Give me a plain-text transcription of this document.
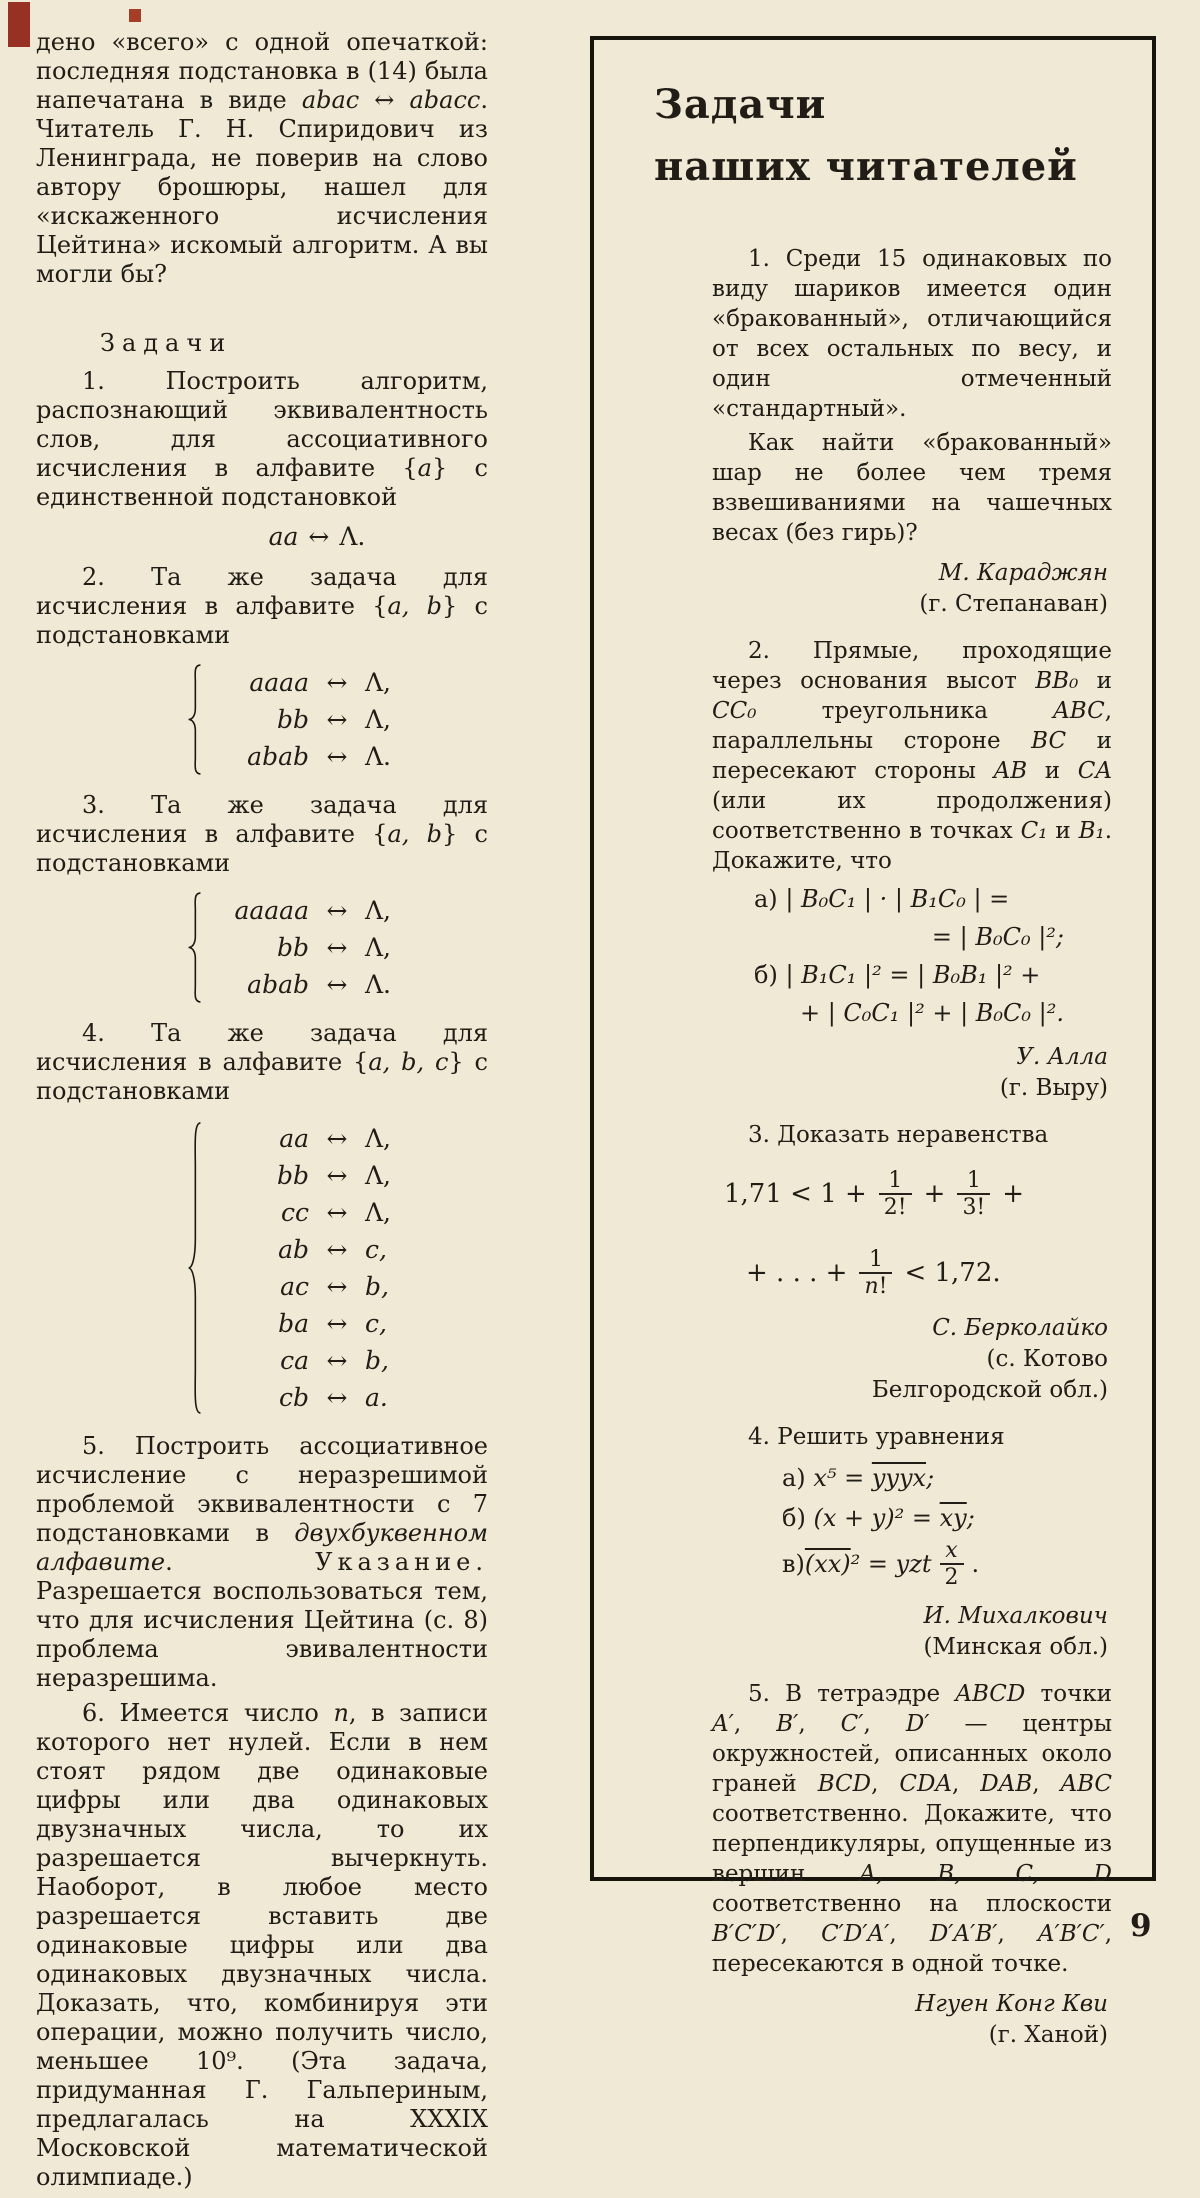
дено «всего» с одной опечаткой: последняя подстановка в (14) была напечатана в виде abac ↔ abacc. Читатель Г. Н. Спиридович из Ленинграда, не поверив на слово автору брошюры, нашел для «искаженного исчисления Цейтина» искомый алгоритм. А вы могли бы?

Задачи

1. Построить алгоритм, распознающий эквивалентность слов, для ассоциативного исчисления в алфавите {a} с единственной подстановкой

aa ↔ Λ.

2. Та же задача для исчисления в алфавите {a, b} с подстановками

aaaa ↔ Λ,
bb ↔ Λ,
abab ↔ Λ.

3. Та же задача для исчисления в алфавите {a, b} с подстановками

aaaaa ↔ Λ,
bb ↔ Λ,
abab ↔ Λ.

4. Та же задача для исчисления в алфавите {a, b, c} с подстановками

aa ↔ Λ,
bb ↔ Λ,
cc ↔ Λ,
ab ↔ c,
ac ↔ b,
ba ↔ c,
ca ↔ b,
cb ↔ a.

5. Построить ассоциативное исчисление с неразрешимой проблемой эквивалентности с 7 подстановками в двухбуквенном алфавите. Указание. Разрешается воспользоваться тем, что для исчисления Цейтина (с. 8) проблема эвивалентности неразрешима.

6. Имеется число n, в записи которого нет нулей. Если в нем стоят рядом две одинаковые цифры или два одинаковых двузначных числа, то их разрешается вычеркнуть. Наоборот, в любое место разрешается вставить две одинаковые цифры или два одинаковых двузначных числа. Доказать, что, комбинируя эти операции, можно получить число, меньшее 10⁹. (Эта задача, придуманная Г. Гальпериным, предлагалась на XXXIX Московской математической олимпиаде.)

Задачи
наших читателей

1. Среди 15 одинаковых по виду шариков имеется один «бракованный», отличающийся от всех остальных по весу, и один отмеченный «стандартный».

Как найти «бракованный» шар не более чем тремя взвешиваниями на чашечных весах (без гирь)?

М. Караджян
(г. Степанаван)

2. Прямые, проходящие через основания высот BB₀ и CC₀ треугольника ABC, параллельны стороне BC и пересекают стороны AB и CA (или их продолжения) соответственно в точках C₁ и B₁. Докажите, что

а) | B₀C₁ | · | B₁C₀ | =
= | B₀C₀ |²;
б) | B₁C₁ |² = | B₀B₁ |² +
+ | C₀C₁ |² + | B₀C₀ |².
У. Алла
(г. Выру)

3. Доказать неравенства

$1,71 < 1 + \frac{1}{2!} + \frac{1}{3!}$ +
+ . . . + $\frac{1}{n!} < 1,72$.
С. Берколайко
(с. Котово
Белгородской обл.)

4. Решить уравнения

а) x⁵ = yyyx;
б) $(x + y)^2 = \overline{xy}$;
в)(xx)² = yzt $\frac{x}{2}$ .
И. Михалкович
(Минская обл.)

5. В тетраэдре ABCD точки A′, B′, C′, D′ — центры окружностей, описанных около граней BCD, CDA, DAB, ABC соответственно. Докажите, что перпендикуляры, опущенные из вершин A, B, C, D соответственно на плоскости B′C′D′, C′D′A′, D′A′B′, A′B′C′, пересекаются в одной точке.

Нгуен Конг Кви
(г. Ханой)
9
